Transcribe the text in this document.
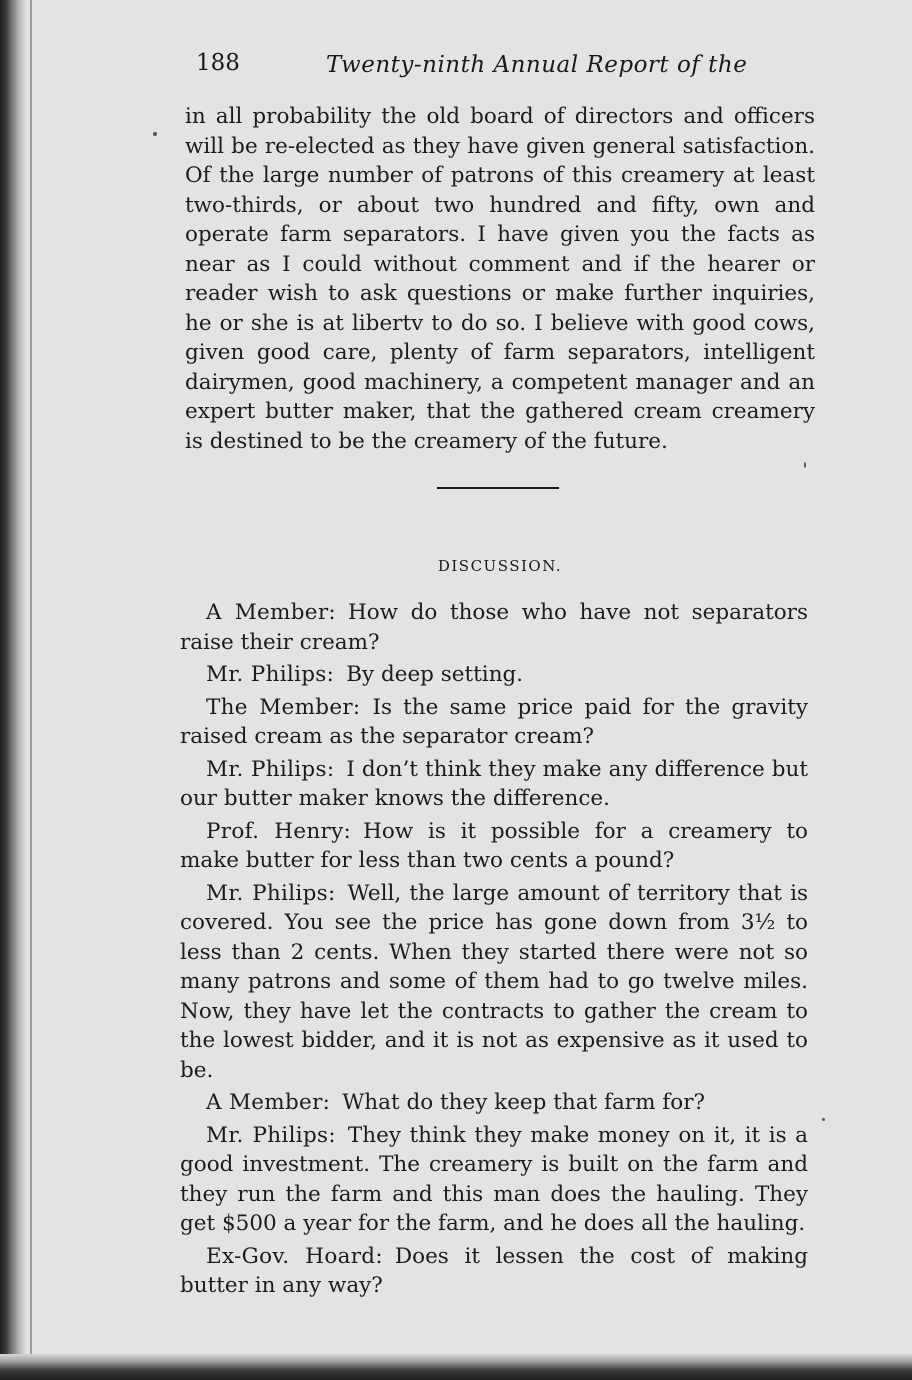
188	Twenty-ninth Annual Report of the
in all probability the old board of directors and officers will be re-elected as they have given general satisfaction. Of the large number of patrons of this creamery at least two-thirds, or about two hundred and fifty, own and operate farm separators. I have given you the facts as near as I could without comment and if the hearer or reader wish to ask questions or make further inquiries, he or she is at libertv to do so. I believe with good cows, given good care, plenty of farm separators, intelligent dairymen, good machinery, a competent manager and an expert butter maker, that the gathered cream creamery is destined to be the creamery of the future.
DISCUSSION.

A Member: How do those who have not separators raise their cream?

Mr. Philips: By deep setting.

The Member: Is the same price paid for the gravity raised cream as the separator cream?

Mr. Philips: I don’t think they make any difference but our butter maker knows the difference.

Prof. Henry: How is it possible for a creamery to make butter for less than two cents a pound?

Mr. Philips: Well, the large amount of territory that is covered. You see the price has gone down from 3½ to less than 2 cents. When they started there were not so many patrons and some of them had to go twelve miles. Now, they have let the contracts to gather the cream to the lowest bidder, and it is not as expensive as it used to be.

A Member: What do they keep that farm for?

Mr. Philips: They think they make money on it, it is a good investment. The creamery is built on the farm and they run the farm and this man does the hauling. They get $500 a year for the farm, and he does all the hauling.

Ex-Gov. Hoard: Does it lessen the cost of making butter in any way?
